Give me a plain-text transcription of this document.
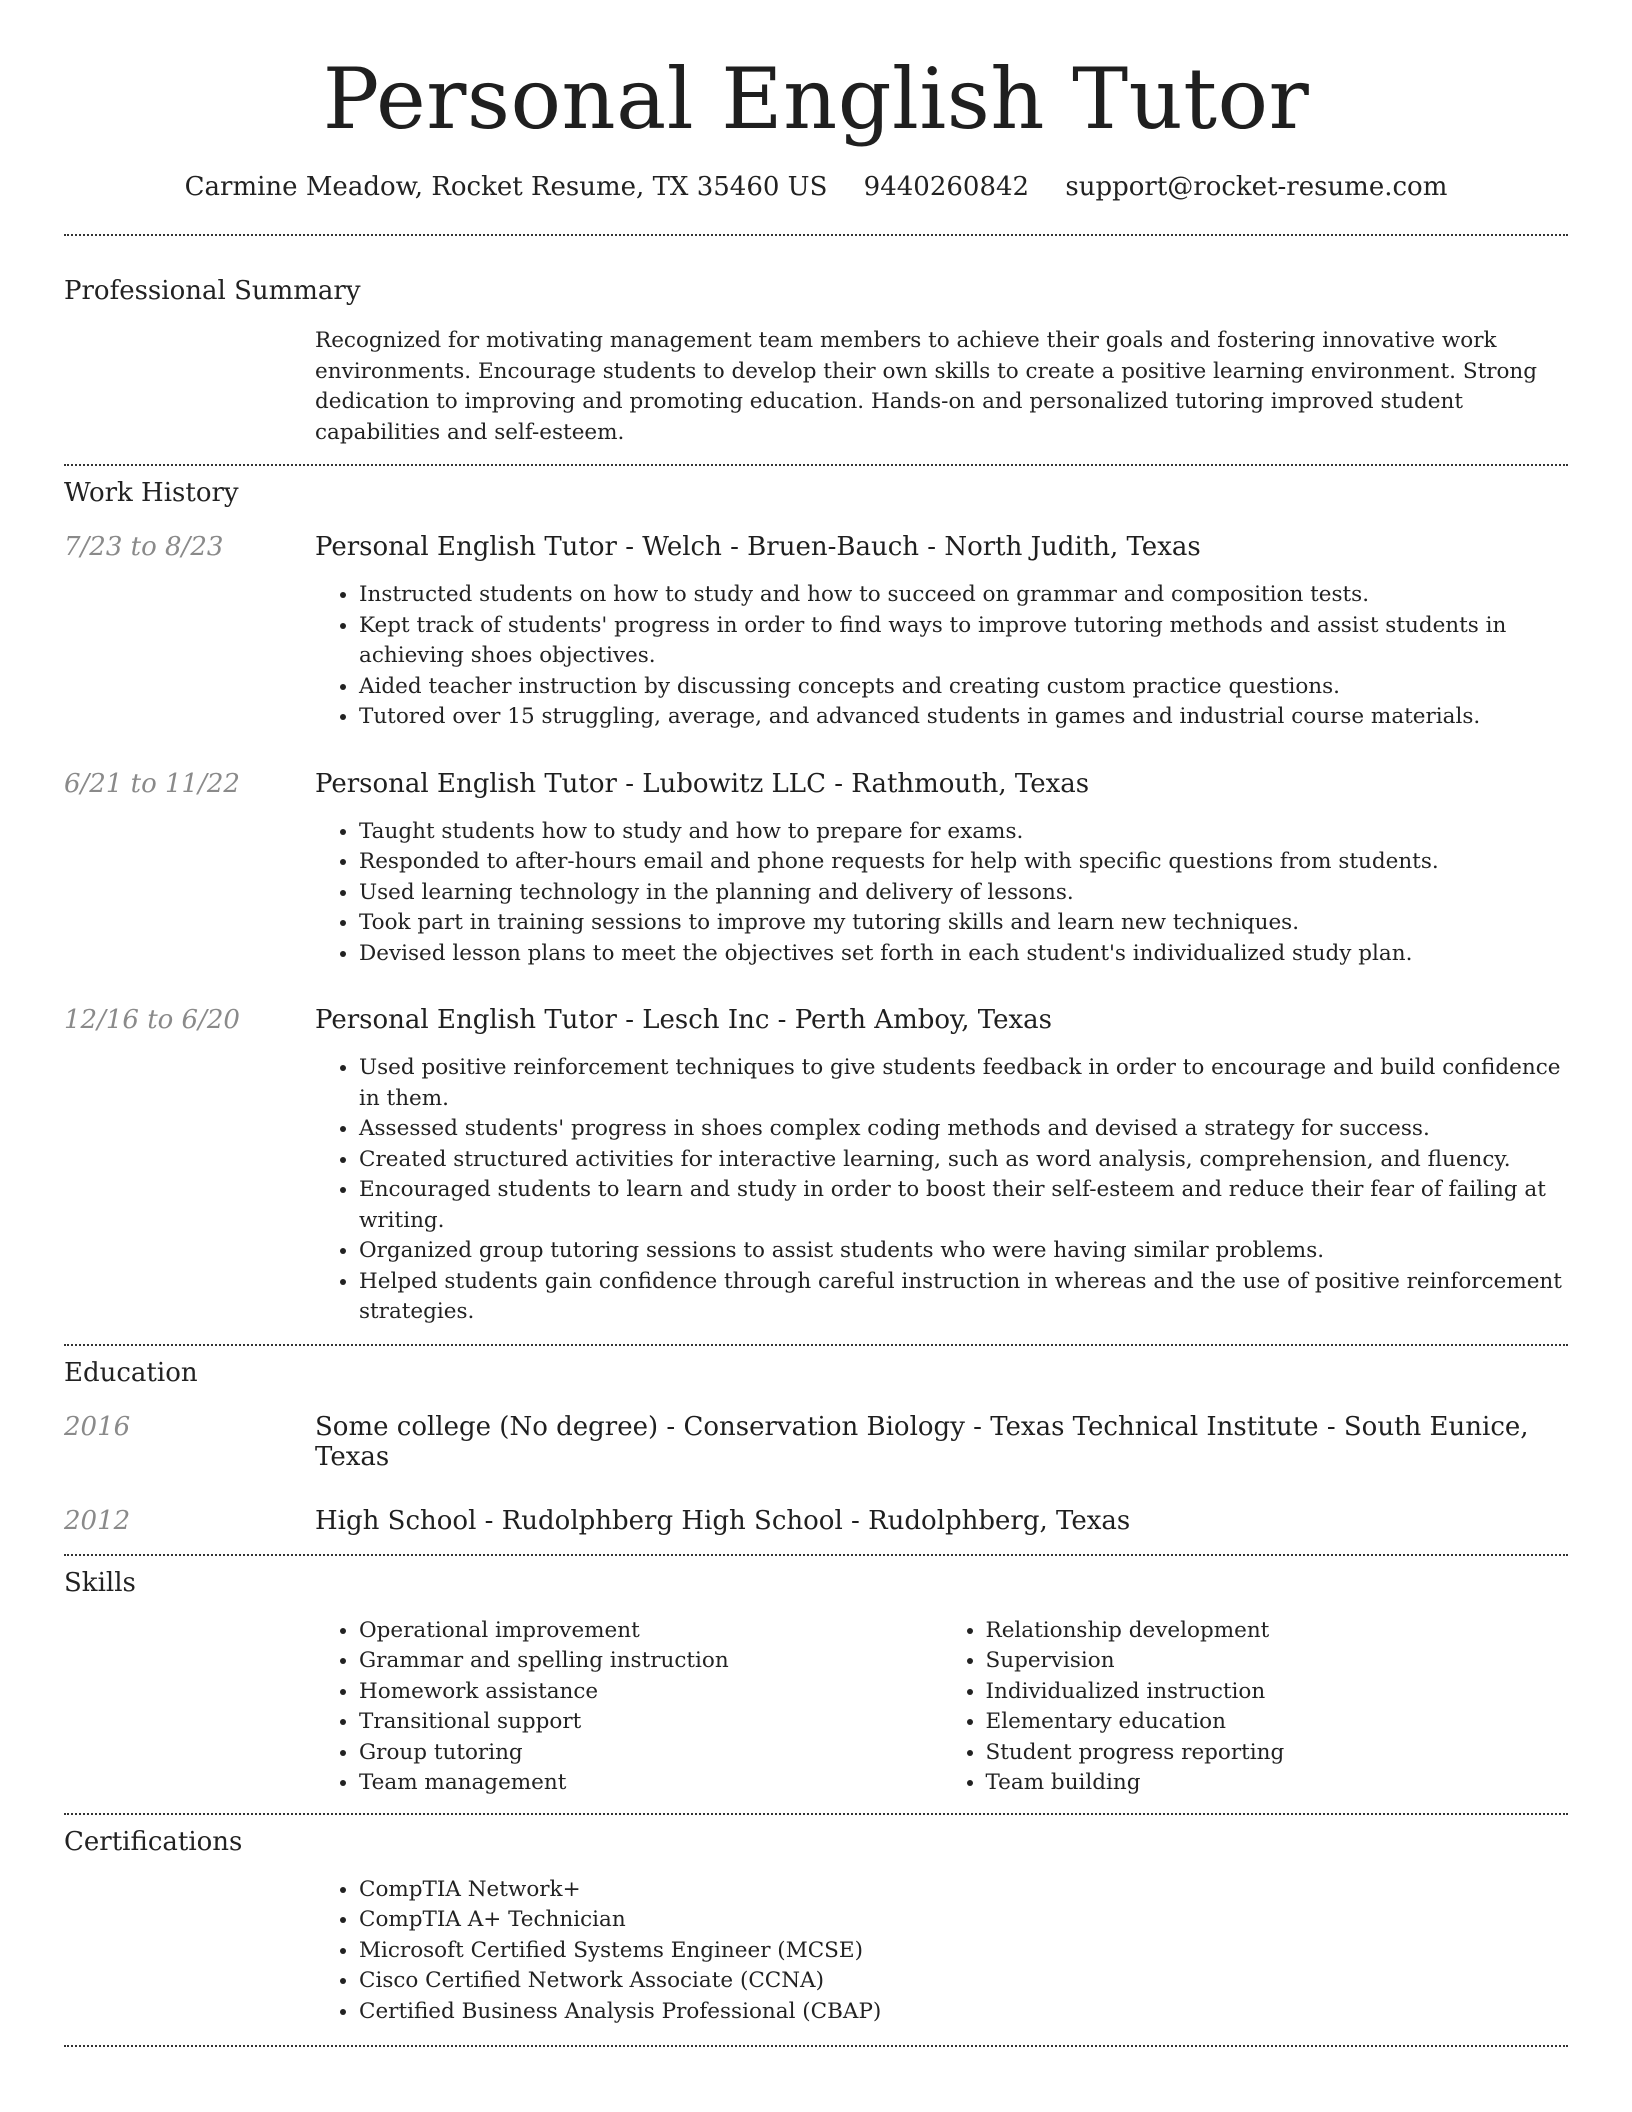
Personal English Tutor
Carmine Meadow, Rocket Resume, TX 35460 US 9440260842 support@rocket-resume.com
Professional Summary
Recognized for motivating management team members to achieve their goals and fostering innovative work environments. Encourage students to develop their own skills to create a positive learning environment. Strong dedication to improving and promoting education. Hands-on and personalized tutoring improved student capabilities and self-esteem.
Work History
7/23 to 8/23	Personal English Tutor - Welch - Bruen-Bauch - North Judith, Texas
• Instructed students on how to study and how to succeed on grammar and composition tests.
• Kept track of students' progress in order to find ways to improve tutoring methods and assist students in achieving shoes objectives.
• Aided teacher instruction by discussing concepts and creating custom practice questions.
• Tutored over 15 struggling, average, and advanced students in games and industrial course materials.
6/21 to 11/22	Personal English Tutor - Lubowitz LLC - Rathmouth, Texas
• Taught students how to study and how to prepare for exams.
• Responded to after-hours email and phone requests for help with specific questions from students.
• Used learning technology in the planning and delivery of lessons.
• Took part in training sessions to improve my tutoring skills and learn new techniques.
• Devised lesson plans to meet the objectives set forth in each student's individualized study plan.
12/16 to 6/20	Personal English Tutor - Lesch Inc - Perth Amboy, Texas
• Used positive reinforcement techniques to give students feedback in order to encourage and build confidence in them.
• Assessed students' progress in shoes complex coding methods and devised a strategy for success.
• Created structured activities for interactive learning, such as word analysis, comprehension, and fluency.
• Encouraged students to learn and study in order to boost their self-esteem and reduce their fear of failing at writing.
• Organized group tutoring sessions to assist students who were having similar problems.
• Helped students gain confidence through careful instruction in whereas and the use of positive reinforcement strategies.
Education
2016	Some college (No degree) - Conservation Biology - Texas Technical Institute - South Eunice, Texas
2012	High School - Rudolphberg High School - Rudolphberg, Texas
Skills
• Operational improvement
• Grammar and spelling instruction
• Homework assistance
• Transitional support
• Group tutoring
• Team management
• Relationship development
• Supervision
• Individualized instruction
• Elementary education
• Student progress reporting
• Team building
Certifications
• CompTIA Network+
• CompTIA A+ Technician
• Microsoft Certified Systems Engineer (MCSE)
• Cisco Certified Network Associate (CCNA)
• Certified Business Analysis Professional (CBAP)
